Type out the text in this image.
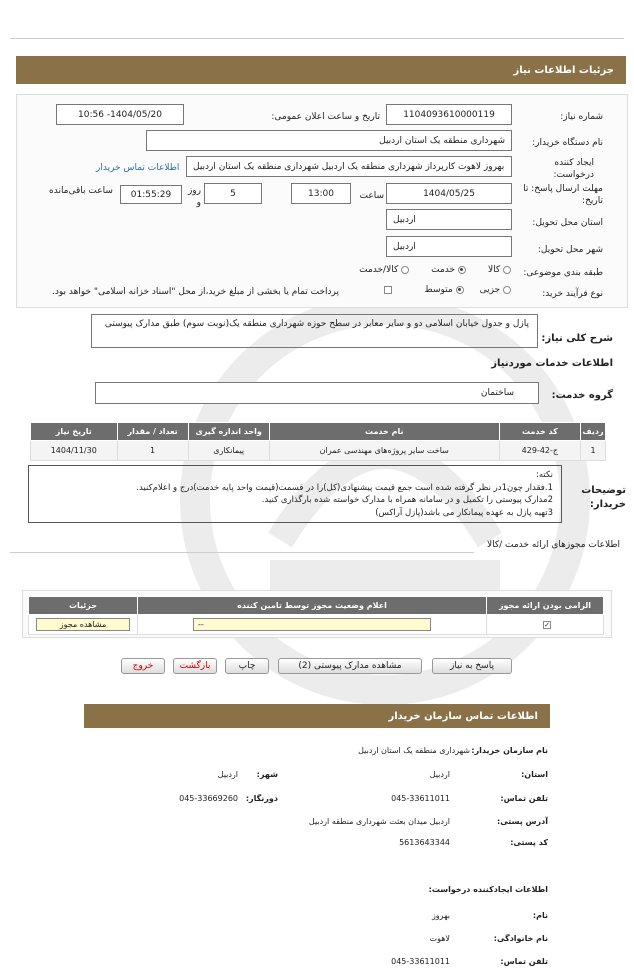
جزئیات اطلاعات نیاز
شماره نیاز:
1104093610000119
تاریخ و ساعت اعلان عمومی:
1404/05/20- 10:56
نام دستگاه خریدار:
شهرداری منطقه یک استان اردبیل
ایجاد کننده درخواست:
بهروز لاهوت کارپرداز شهرداری منطقه یک اردبیل شهرداری منطقه یک استان اردبیل
اطلاعات تماس خریدار
مهلت ارسال پاسخ: تا تاریخ:
1404/05/25
ساعت
13:00
5
روز و
01:55:29
ساعت باقی‌مانده
استان محل تحویل:
اردبیل
شهر محل تحویل:
اردبیل
طبقه بندی موضوعی:
کالا
خدمت
کالا/خدمت
نوع فرآیند خرید:
جزیی
متوسط
پرداخت تمام یا بخشی از مبلغ خرید،از محل "اسناد خزانه اسلامی" خواهد بود.
شرح کلی نیاز:
پازل و جدول خیابان اسلامی دو و سایر معابر در سطح حوزه شهرداری منطقه یک(نوبت سوم) طبق مدارک پیوستی
اطلاعات خدمات موردنیاز
گروه خدمت:
ساختمان
ردیف	کد خدمت	نام خدمت	واحد اندازه گیری	تعداد / مقدار	تاریخ نیاز
1	ج-42-429	ساخت سایر پروژه‌های مهندسی عمران	پیمانکاری	1	1404/11/30
توضیحات خریدار:
نکته:
1.فقدار چون1در نظر گرفته شده است جمع قیمت پیشنهادی(کل)را در قسمت(قیمت واحد پایه خدمت)درج و اعلام‌کنید.
2مدارک پیوستی را تکمیل و در سامانه همراه با مدارک خواسته شده بارگذاری کنید.
3تهیه پازل به عهده پیمانکار می باشد(پازل آراکس)
اطلاعات مجوزهای ارائه خدمت /کالا
الزامی بودن ارائه مجوز	اعلام وضعیت مجوز توسط تامین کننده	جزئیات
✓	--	مشاهده مجوز
پاسخ به نیاز
مشاهده مدارک پیوستی (2)
چاپ
بازگشت
خروج
اطلاعات تماس سازمان خریدار
نام سازمان خریدار:
شهرداری منطقه یک استان اردبیل
استان:
اردبیل
شهر:
اردبیل
تلفن تماس:
045-33611011
دورنگار:
045-33669260
آدرس پستی:
اردبیل میدان بعثت شهرداری منطقه اردبیل
کد پستی:
5613643344
اطلاعات ایجادکننده درخواست:
نام:
بهروز
نام خانوادگی:
لاهوت
تلفن تماس:
045-33611011
